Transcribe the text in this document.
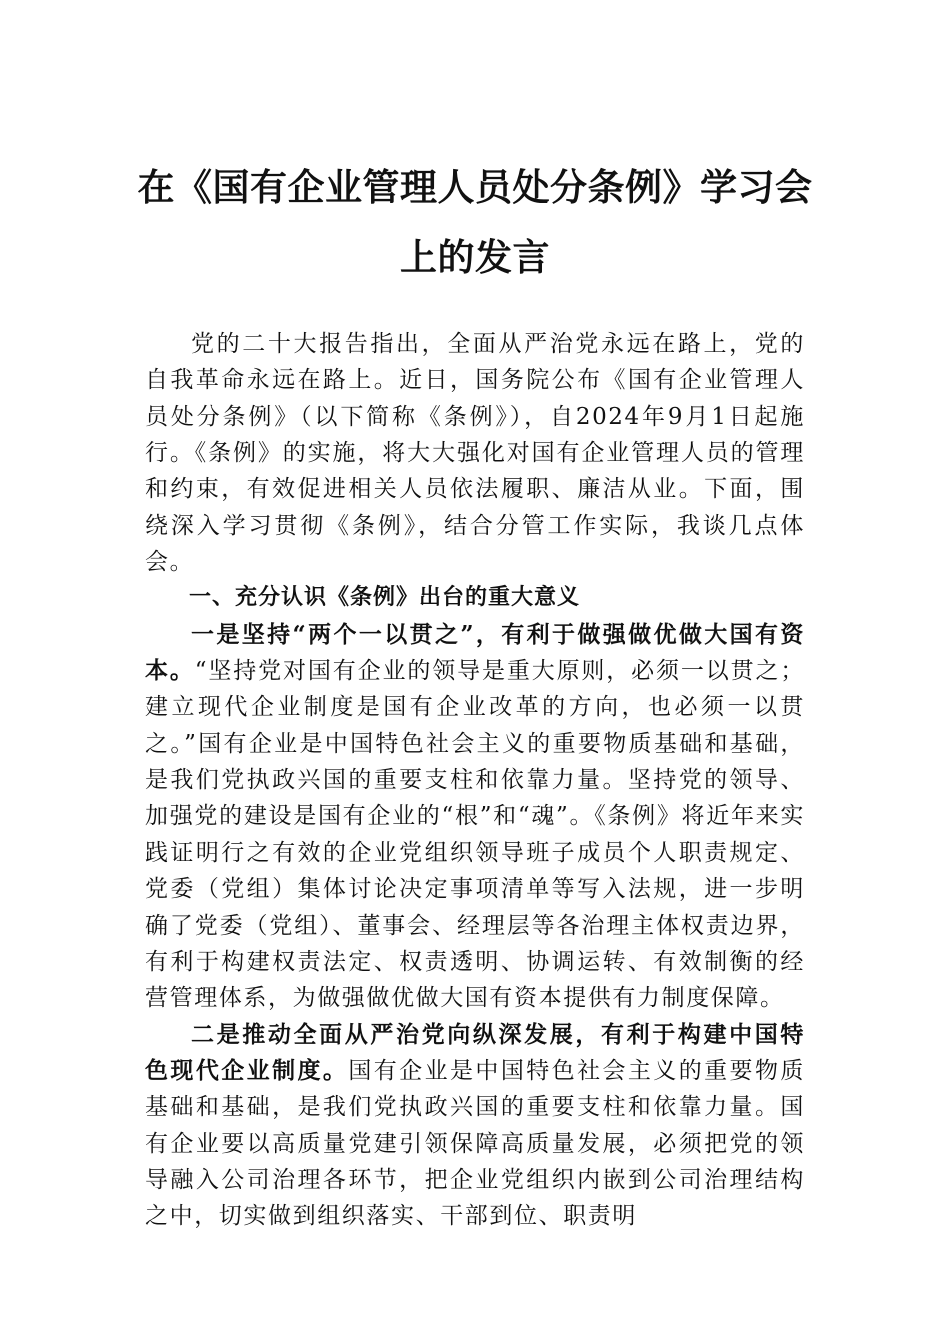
在《国有企业管理人员处分条例》学习会
上的发言

党的二十大报告指出，全面从严治党永远在路上，党的自我革命永远在路上。近日，国务院公布《国有企业管理人员处分条例》（以下简称《条例》），自2024年9月1日起施行。《条例》的实施，将大大强化对国有企业管理人员的管理和约束，有效促进相关人员依法履职、廉洁从业。下面，围绕深入学习贯彻《条例》，结合分管工作实际，我谈几点体会。

一、充分认识《条例》出台的重大意义

一是坚持“两个一以贯之”，有利于做强做优做大国有资本。“坚持党对国有企业的领导是重大原则，必须一以贯之；建立现代企业制度是国有企业改革的方向，也必须一以贯之。”国有企业是中国特色社会主义的重要物质基础和基础，是我们党执政兴国的重要支柱和依靠力量。坚持党的领导、加强党的建设是国有企业的“根”和“魂”。《条例》将近年来实践证明行之有效的企业党组织领导班子成员个人职责规定、党委（党组）集体讨论决定事项清单等写入法规，进一步明确了党委（党组）、董事会、经理层等各治理主体权责边界，有利于构建权责法定、权责透明、协调运转、有效制衡的经营管理体系，为做强做优做大国有资本提供有力制度保障。

二是推动全面从严治党向纵深发展，有利于构建中国特色现代企业制度。国有企业是中国特色社会主义的重要物质基础和基础，是我们党执政兴国的重要支柱和依靠力量。国有企业要以高质量党建引领保障高质量发展，必须把党的领导融入公司治理各环节，把企业党组织内嵌到公司治理结构之中，切实做到组织落实、干部到位、职责明
